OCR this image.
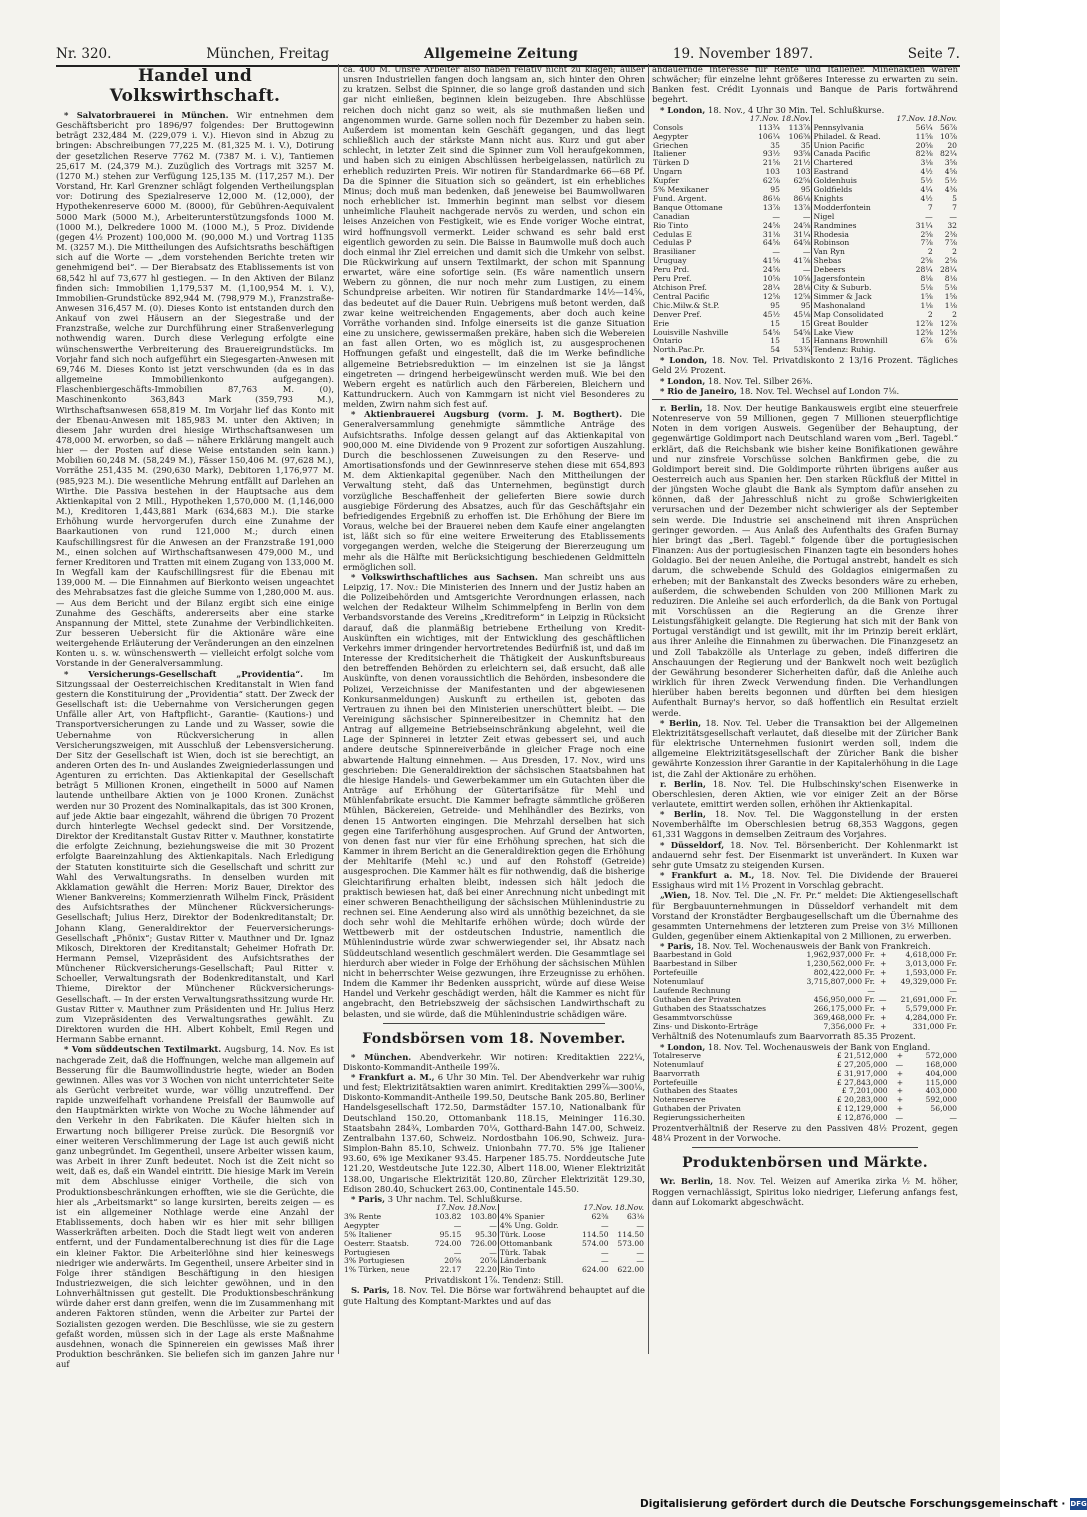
Nr. 320.	München, Freitag	Allgemeine Zeitung	19. November 1897.	Seite 7.
Handel und Volkswirthschaft.

* Salvatorbrauerei in München. Wir entnehmen dem Geschäftsbericht pro 1896/97 folgendes: Der Bruttogewinn beträgt 232,484 M. (229,079 i. V.). Hievon sind in Abzug zu bringen: Abschreibungen 77,225 M. (81,325 M. i. V.), Dotirung der gesetzlichen Reserve 7762 M. (7387 M. i. V.), Tantiemen 25,617 M. (24,379 M.). Zuzüglich des Vortrags mit 3257 M. (1270 M.) stehen zur Verfügung 125,135 M. (117,257 M.). Der Vorstand, Hr. Karl Grenzner schlägt folgenden Vertheilungsplan vor: Dotirung des Spezialreserve 12,000 M. (12,000), der Hypothekenreserve 6000 M. (8000), für Gebühren-Aequivalent 5000 Mark (5000 M.), Arbeiterunterstützungsfonds 1000 M. (1000 M.), Delkredere 1000 M. (1000 M.), 5 Proz. Dividende (gegen 4½ Prozent) 100,000 M. (90,000 M.) und Vortrag 1135 M. (3257 M.). Die Mittheilungen des Aufsichtsraths beschäftigen sich auf die Worte — „dem vorstehenden Berichte treten wir genehmigend bei“. — Der Bierabsatz des Etablissements ist von 68,542 hl auf 73,677 hl gestiegen. — In den Aktiven der Bilanz finden sich: Immobilien 1,179,537 M. (1,100,954 M. i. V.), Immobilien-Grundstücke 892,944 M. (798,979 M.), Franzstraße-Anwesen 316,457 M. (0). Dieses Konto ist entstanden durch den Ankauf von zwei Häusern an der Siegestraße und der Franzstraße, welche zur Durchführung einer Straßenverlegung nothwendig waren. Durch diese Verlegung erfolgte eine wünschenswerthe Verbreiterung des Brauereigrundstücks. Im Vorjahr fand sich noch aufgeführt ein Siegesgarten-Anwesen mit 69,746 M. Dieses Konto ist jetzt verschwunden (da es in das allgemeine Immobilienkonto aufgegangen). Flaschenbiergeschäfts-Immobilien 87,763 M. (0), Maschinenkonto 363,843 Mark (359,793 M.), Wirthschaftsanwesen 658,819 M. Im Vorjahr lief das Konto mit der Ebenau-Anwesen mit 185,983 M. unter den Aktiven; in diesem Jahr wurden drei hiesige Wirthschaftsanwesen um 478,000 M. erworben, so daß — nähere Erklärung mangelt auch hier — der Posten auf diese Weise entstanden sein kann.) Mobilien 60,248 M. (58,249 M.), Fässer 150,406 M. (97,628 M.), Vorräthe 251,435 M. (290,630 Mark), Debitoren 1,176,977 M. (985,923 M.). Die wesentliche Mehrung entfällt auf Darlehen an Wirthe. Die Passiva bestehen in der Hauptsache aus dem Aktienkapital von 2 Mill., Hypotheken 1,570,000 M. (1,146,000 M.), Kreditoren 1,443,881 Mark (634,683 M.). Die starke Erhöhung wurde hervorgerufen durch eine Zunahme der Baarkautionen von rund 121,000 M.; durch einen Kaufschillingsrest für die Anwesen an der Franzstraße 191,000 M., einen solchen auf Wirthschaftsanwesen 479,000 M., und ferner Kreditoren und Tratten mit einem Zugang von 133,000 M. In Wegfall kam der Kaufschillingsrest für die Ebenau mit 139,000 M. — Die Einnahmen auf Bierkonto weisen ungeachtet des Mehrabsatzes fast die gleiche Summe von 1,280,000 M. aus. — Aus dem Bericht und der Bilanz ergibt sich eine einige Zunahme des Geschäfts, andererseits aber eine starke Anspannung der Mittel, stete Zunahme der Verbindlichkeiten. Zur besseren Uebersicht für die Aktionäre wäre eine weitergehende Erläuterung der Veränderungen an den einzelnen Konten u. s. w. wünschenswerth — vielleicht erfolgt solche vom Vorstande in der Generalversammlung.

* Versicherungs-Gesellschaft „Providentia“. Im Sitzungssaal der Oesterreichischen Kreditanstalt in Wien fand gestern die Konstituirung der „Providentia“ statt. Der Zweck der Gesellschaft ist: die Uebernahme von Versicherungen gegen Unfälle aller Art, von Haftpflicht-, Garantie- (Kautions-) und Transportversicherungen zu Lande und zu Wasser, sowie die Uebernahme von Rückversicherung in allen Versicherungszweigen, mit Ausschluß der Lebensversicherung. Der Sitz der Gesellschaft ist Wien, doch ist sie berechtigt, an anderen Orten des In- und Auslandes Zweigniederlassungen und Agenturen zu errichten. Das Aktienkapital der Gesellschaft beträgt 5 Millionen Kronen, eingetheilt in 5000 auf Namen lautende untheilbare Aktien von je 1000 Kronen. Zunächst werden nur 30 Prozent des Nominalkapitals, das ist 300 Kronen, auf jede Aktie baar eingezahlt, während die übrigen 70 Prozent durch hinterlegte Wechsel gedeckt sind. Der Vorsitzende, Direktor der Kreditanstalt Gustav Ritter v. Mauthner, konstatirte die erfolgte Zeichnung, beziehungsweise die mit 30 Prozent erfolgte Baareinzahlung des Aktienkapitals. Nach Erledigung der Statuten konstituirte sich die Gesellschaft und schritt zur Wahl des Verwaltungsraths. In denselben wurden mit Akklamation gewählt die Herren: Moriz Bauer, Direktor des Wiener Bankvereins; Kommerzienrath Wilhelm Finck, Präsident des Aufsichtsrathes der Münchener Rückversicherungs-Gesellschaft; Julius Herz, Direktor der Bodenkreditanstalt; Dr. Johann Klang, Generaldirektor der Feuerversicherungs-Gesellschaft „Phönix“; Gustav Ritter v. Mauthner und Dr. Ignaz Mikosch, Direktoren der Kreditanstalt; Geheimer Hofrath Dr. Hermann Pemsel, Vizepräsident des Aufsichtsrathes der Münchener Rückversicherungs-Gesellschaft; Paul Ritter v. Schoeller, Verwaltungsrath der Bodenkreditanstalt, und Karl Thieme, Direktor der Münchener Rückversicherungs-Gesellschaft. — In der ersten Verwaltungsrathssitzung wurde Hr. Gustav Ritter v. Mauthner zum Präsidenten und Hr. Julius Herz zum Vizepräsidenten des Verwaltungsrathes gewählt. Zu Direktoren wurden die HH. Albert Kohbelt, Emil Regen und Hermann Sabbe ernannt.

* Vom süddeutschen Textilmarkt. Augsburg, 14. Nov. Es ist nachgerade Zeit, daß die Hoffnungen, welche man allgemein auf Besserung für die Baumwollindustrie hegte, wieder an Boden gewinnen. Alles was vor 3 Wochen von nicht unterrichteter Seite als Gerücht verbreitet wurde, war völlig unzutreffend. Der rapide unzweifelhaft vorhandene Preisfall der Baumwolle auf den Hauptmärkten wirkte von Woche zu Woche lähmender auf den Verkehr in den Fabrikaten. Die Käufer hielten sich in Erwartung noch billigerer Preise zurück. Die Besorgniß vor einer weiteren Verschlimmerung der Lage ist auch gewiß nicht ganz unbegründet. Im Gegentheil, unsere Arbeiter wissen kaum, was Arbeit in ihrer Zunft bedeutet. Noch ist die Zeit nicht so weit, daß es, daß ein Wandel eintritt. Die hiesige Mark im Verein mit dem Abschlusse einiger Vortheile, die sich von Produktionsbeschränkungen erhofften, wie sie die Gerüchte, die hier als „Arbeitsmarkt“ so lange kursirten, bereits zeigen — es ist ein allgemeiner Nothlage werde eine Anzahl der Etablissements, doch haben wir es hier mit sehr billigen Wasserkräften arbeiten. Doch die Stadt liegt weit von anderen entfernt, und der Fundamentalberechnung ist dies für die Lage ein kleiner Faktor. Die Arbeiterlöhne sind hier keineswegs niedriger wie anderwärts. Im Gegentheil, unsere Arbeiter sind in Folge ihrer ständigen Beschäftigung in den hiesigen Industriezweigen, die sich leichter gewöhnen, und in den Lohnverhältnissen gut gestellt. Die Produktionsbeschränkung würde daher erst dann greifen, wenn die im Zusammenhang mit anderen Faktoren stünden, wenn die Arbeiter zur Partei der Sozialisten gezogen werden. Die Beschlüsse, wie sie zu gestern gefaßt worden, müssen sich in der Lage als erste Maßnahme ausdehnen, wonach die Spinnereien ein gewisses Maß ihrer Produktion beschränken. Sie beliefen sich im ganzen Jahre nur auf

ca. 400 M. Unsre Arbeiter also haben relativ nicht zu klagen; außer unsren Industriellen fangen doch langsam an, sich hinter den Ohren zu kratzen. Selbst die Spinner, die so lange groß dastanden und sich gar nicht einließen, beginnen klein beizugeben. Ihre Abschlüsse reichen doch nicht ganz so weit, als sie muthmaßen ließen und angenommen wurde. Garne sollen noch für Dezember zu haben sein. Außerdem ist momentan kein Geschäft gegangen, und das liegt schließlich auch der stärkste Mann nicht aus. Kurz und gut aber schlecht, in letzter Zeit sind die Spinner zum Voll heraufgekommen, und haben sich zu einigen Abschlüssen herbeigelassen, natürlich zu erheblich reduzirten Preis. Wir notiren für Standardmarke 66—68 Pf. Da die Spinner die Situation sich so geändert, ist ein erhebliches Minus; doch muß man bedenken, daß jeneweise bei Baumwollwaren noch erheblicher ist. Immerhin beginnt man selbst vor diesem unheimliche Flauheit nachgerade nervös zu werden, und schon ein leises Anzeichen von Festigkeit, wie es Ende voriger Woche eintrat, wird hoffnungsvoll vermerkt. Leider schwand es sehr bald erst eigentlich geworden zu sein. Die Baisse in Baumwolle muß doch auch doch einmal ihr Ziel erreichen und damit sich die Umkehr von selbst. Die Rückwirkung auf unsern Textilmarkt, der schon mit Spannung erwartet, wäre eine sofortige sein. (Es wäre namentlich unsern Webern zu gönnen, die nur noch mehr zum Lustigen, zu einem Schundpreise arbeiten. Wir notiren für Standardmarke 14½—14⅝, das bedeutet auf die Dauer Ruin. Uebrigens muß betont werden, daß zwar keine weitreichenden Engagements, aber doch auch keine Vorräthe vorhanden sind. Infolge einerseits ist die ganze Situation eine zu unsichere, gewissermaßen prekäre, haben sich die Webereien an fast allen Orten, wo es möglich ist, zu ausgesprochenen Hoffnungen gefaßt und eingestellt, daß die im Werke befindliche allgemeine Betriebsreduktion — im einzelnen ist sie ja längst eingetreten — dringend herbeigewünscht werden muß. Wie bei den Webern ergeht es natürlich auch den Färbereien, Bleichern und Kattundruckern. Auch von Kammgarn ist nicht viel Besonderes zu melden, Zwirn nahm sich fest auf.

* Aktienbrauerei Augsburg (vorm. J. M. Bogthert). Die Generalversammlung genehmigte sämmtliche Anträge des Aufsichtsraths. Infolge dessen gelangt auf das Aktienkapital von 900,000 M. eine Dividende von 9 Prozent zur sofortigen Auszahlung. Durch die beschlossenen Zuweisungen zu den Reserve- und Amortisationsfonds und der Gewinnreserve stehen diese mit 654,893 M. dem Aktienkapital gegenüber. Nach den Mittheilungen der Verwaltung steht, daß das Unternehmen, begünstigt durch vorzügliche Beschaffenheit der gelieferten Biere sowie durch ausgiebige Förderung des Absatzes, auch für das Geschäftsjahr ein befriedigendes Ergebniß zu erhoffen ist. Die Erhöhung der Biere im Voraus, welche bei der Brauerei neben dem Kaufe einer angelangten ist, läßt sich so für eine weitere Erweiterung des Etablissements vorgegangen werden, welche die Steigerung der Biererzeugung um mehr als die Hälfte mit Berücksichtigung beschiedenen Geldmitteln ermöglichen soll.

* Volkswirthschaftliches aus Sachsen. Man schreibt uns aus Leipzig, 17. Nov.: Die Ministerien des Innern und der Justiz haben an die Polizeibehörden und Amtsgerichte Verordnungen erlassen, nach welchen der Redakteur Wilhelm Schimmelpfeng in Berlin von dem Verbandsvorstande des Vereins „Kreditreform“ in Leipzig in Rücksicht darauf, daß die planmäßig betriebene Ertheilung von Kredit-Auskünften ein wichtiges, mit der Entwicklung des geschäftlichen Verkehrs immer dringender hervortretendes Bedürfniß ist, und daß im Interesse der Kreditsicherheit die Thätigkeit der Auskunftsbureaus den betreffenden Behörden zu erleichtern sei, daß ersucht, daß alle Auskünfte, von denen voraussichtlich die Behörden, insbesondere die Polizei, Verzeichnisse der Manifestanten und der abgewiesenen Konkursanmeldungen) Auskunft zu ertheilen ist, geboten das Vertrauen zu ihnen bei den Ministerien unerschüttert bleibt. — Die Vereinigung sächsischer Spinnereibesitzer in Chemnitz hat den Antrag auf allgemeine Betriebseinschränkung abgelehnt, weil die Lage der Spinnerei in letzter Zeit etwas gebessert sei, und auch andere deutsche Spinnereiverbände in gleicher Frage noch eine abwartende Haltung einnehmen. — Aus Dresden, 17. Nov., wird uns geschrieben: Die Generaldirektion der sächsischen Staatsbahnen hat die hiesige Handels- und Gewerbekammer um ein Gutachten über die Anträge auf Erhöhung der Gütertarifsätze für Mehl und Mühlenfabrikate ersucht. Die Kammer befragte sämmtliche größeren Mühlen, Bäckereien, Getreide- und Mehlhändler des Bezirks, von denen 15 Antworten eingingen. Die Mehrzahl derselben hat sich gegen eine Tariferhöhung ausgesprochen. Auf Grund der Antworten, von denen fast nur vier für eine Erhöhung sprechen, hat sich die Kammer in ihrem Bericht an die Generaldirektion gegen die Erhöhung der Mehltarife (Mehl ꝛc.) und auf den Rohstoff (Getreide) ausgesprochen. Die Kammer hält es für nothwendig, daß die bisherige Gleichtarifirung erhalten bleibt, indessen sich hält jedoch die praktisch bewiesen hat, daß bei einer Anrechnung nicht unbedingt mit einer schweren Benachtheiligung der sächsischen Mühlenindustrie zu rechnen sei. Eine Aenderung also wird als unnöthig bezeichnet, da sie doch sehr wohl die Mehltarife erhöhen würde; doch würde der Wettbewerb mit der ostdeutschen Industrie, namentlich die Mühlenindustrie würde zwar schwerwiegender sei, ihr Absatz nach Süddeutschland wesentlich geschmälert werden. Die Gesammtlage sei hierdurch aber wieder in Folge der Erhöhung der sächsischen Mühlen nicht in beherrschter Weise gezwungen, ihre Erzeugnisse zu erhöhen. Indem die Kammer ihr Bedenken ausspricht, würde auf diese Weise Handel und Verkehr geschädigt werden, hält die Kammer es nicht für angebracht, den Betriebszweig der sächsischen Landwirthschaft zu belasten, und sie würde, daß die Mühlenindustrie schädigen wäre.

Fondsbörsen vom 18. November.

* München. Abendverkehr. Wir notiren: Kreditaktien 222¼, Diskonto-Kommandit-Antheile 199⅞.

* Frankfurt a. M., 6 Uhr 30 Min. Tel. Der Abendverkehr war ruhig und fest; Elektrizitätsaktien waren animirt. Kreditaktien 299⅞—300⅛, Diskonto-Kommandit-Antheile 199.50, Deutsche Bank 205.80, Berliner Handelsgesellschaft 172.50, Darmstädter 157.10, Nationalbank für Deutschland 150.20, Ottomanbank 118.15, Meininger 116.30. Staatsbahn 284¾, Lombarden 70¼, Gotthard-Bahn 147.00, Schweiz. Zentralbahn 137.60, Schweiz. Nordostbahn 106.90, Schweiz. Jura-Simplon-Bahn 85.10, Schweiz. Unionbahn 77.70. 5% jge Italiener 93.60, 6% ige Mexikaner 93.45. Harpener 185.75. Norddeutsche Jute 121.20, Westdeutsche Jute 122.30, Albert 118.00, Wiener Elektrizität 138.00, Ungarische Elektrizität 120.80, Zürcher Elektrizität 129.30, Edison 280.40, Schuckert 263.00, Continentale 145.50.

* Paris, 3 Uhr nachm. Tel. Schlußkurse.

17.Nov. 18.Nov.			17.Nov. 18.Nov.		
3% Rente	103.82	103.80	4% Spanier	62⅜	63⅛
Aegypter	—	—	4% Ung. Goldr.	—	—
5% Italiener	95.15	95.30	Türk. Loose	114.50	114.50
Oesterr. Staatsb.	724.00	726.00	Ottomanbank	574.00	573.00
Portugiesen	—	—	Türk. Tabak	—	—
3% Portugiesen	20⅝	20⅞	Länderbank	—	—
1% Türken, neue	22.17	22.20	Rio Tinto	624.00	622.00

Privatdiskont 1⅞. Tendenz: Still.

S. Paris, 18. Nov. Tel. Die Börse war fortwährend behauptet auf die gute Haltung des Komptant-Marktes und auf das

andauernde Interesse für Rente und Italiener. Minenaktien waren schwächer; für einzelne lehnt größeres Interesse zu erwarten zu sein. Banken fest. Crédit Lyonnais und Banque de Paris fortwährend begehrt.

* London, 18. Nov., 4 Uhr 30 Min. Tel. Schlußkurse.

17.Nov. 18.Nov.			17.Nov. 18.Nov.		
Consols	113¾	113⅞	Pennsylvania	56¼	56⅞
Aegypter	106¼	106⅜	Philadel. & Read.	11⅝	10⅞
Griechen	35	35	Union Pacific	20⅝	20
Italiener	93½	93⅝	Canada Pacific	82⅜	82¼
Türken D	21⅝	21½	Chartered	3⅛	3⅝
Ungarn	103	103	Eastrand	4½	4⅝
Kupfer	62⅞	62⅝	Goldenhuis	5½	5½
5% Mexikaner	95	95	Goldfields	4¼	4⅜
Fund. Argent.	86⅛	86⅛	Knights	4½	5
Banque Ottomane	13⅞	13⅞	Modderfontein	7	7
Canadian	—	—	Nigel	—	—
Rio Tinto	24⅝	24⅝	Randmines	31¼	32
Cedulas E	31⅛	31¼	Rhodesia	2⅝	2⅜
Cedulas P	64⅝	64⅝	Robinson	7⅞	7⅞
Brasilianer	—	—	Van Ryn	2	2
Uruguay	41⅝	41⅞	Shebas	2⅝	2⅝
Peru Prd.	24⅝	—	Debeers	28¼	28¼
Peru Pref.	10⅝	10⅝	Jagersfontein	8⅛	8⅛
Atchison Pref.	28¼	28⅛	City & Suburb.	5⅛	5⅛
Central Pacific	12⅝	12⅝	Simmer & Jack	1⅝	1⅝
Chic.Milw.& St.P.	95	95	Mashonaland	1⅛	1⅛
Denver Pref.	45½	45⅛	Map Consolidated	2	2
Erie	15	15	Great Boulder	12⅞	12⅞
Louisville Nashville	54⅝	54⅝	Lake View	12⅝	12⅝
Ontario	15	15	Hannans Brownhill	6⅞	6⅞
North.Pac.Pr.	54	53¾	Tendenz: Ruhig.		

* London, 18. Nov. Tel. Privatdiskonto 2 13/16 Prozent. Tägliches Geld 2½ Prozent.

* London, 18. Nov. Tel. Silber 26⅜.

* Rio de Janeiro, 18. Nov. Tel. Wechsel auf London 7⅛.

r. Berlin, 18. Nov. Der heutige Bankausweis ergibt eine steuerfreie Notenreserve von 59 Millionen, gegen 7 Millionen steuerpflichtige Noten in dem vorigen Ausweis. Gegenüber der Behauptung, der gegenwärtige Goldimport nach Deutschland waren vom „Berl. Tagebl.“ erklärt, daß die Reichsbank wie bisher keine Bonifikationen gewähre und nur zinsfreie Vorschüsse solchen Bankfirmen gebe, die zu Goldimport bereit sind. Die Goldimporte rührten übrigens außer aus Oesterreich auch aus Spanien her. Den starken Rückfluß der Mittel in der jüngsten Woche glaubt die Bank als Symptom dafür ansehen zu können, daß der Jahresschluß nicht zu große Schwierigkeiten verursachen und der Dezember nicht schwieriger als der September sein werde. Die Industrie sei anscheinend mit ihren Ansprüchen geringer geworden. — Aus Anlaß des Aufenthalts des Grafen Burnay hier bringt das „Berl. Tagebl.“ folgende über die portugiesischen Finanzen: Aus der portugiesischen Finanzen tagte ein besonders hohes Goldagio. Bei der neuen Anleihe, die Portugal anstrebt, handelt es sich darum, die schwebende Schuld des Goldagios einigermaßen zu erheben; mit der Bankanstalt des Zwecks besonders wäre zu erheben, außerdem, die schwebenden Schulden von 200 Millionen Mark zu reduziren. Die Anleihe sei auch erforderlich, da die Bank von Portugal mit Vorschüssen an die Regierung an die Grenze ihrer Leistungsfähigkeit gelangte. Die Regierung hat sich mit der Bank von Portugal verständigt und ist gewillt, mit ihr im Prinzip bereit erklärt, aus ihrer Anleihe die Einnahmen zu überwachen. Die Finanzgesetz an und Zoll Tabakzölle als Unterlage zu geben, indeß differiren die Anschauungen der Regierung und der Bankwelt noch weit bezüglich der Gewährung besonderer Sicherheiten dafür, daß die Anleihe auch wirklich für ihren Zweck Verwendung finden. Die Verhandlungen hierüber haben bereits begonnen und dürften bei dem hiesigen Aufenthalt Burnay's hervor, so daß hoffentlich ein Resultat erzielt werde.

* Berlin, 18. Nov. Tel. Ueber die Transaktion bei der Allgemeinen Elektrizitätsgesellschaft verlautet, daß dieselbe mit der Züricher Bank für elektrische Unternehmen fusionirt werden soll, indem die allgemeine Elektrizitätsgesellschaft der Züricher Bank die bisher gewährte Konzession ihrer Garantie in der Kapitalerhöhung in die Lage ist, die Zahl der Aktionäre zu erhöhen.

r. Berlin, 18. Nov. Tel. Die Hulbschinsky'schen Eisenwerke in Oberschlesien, deren Aktien, wie vor einiger Zeit an der Börse verlautete, emittirt werden sollen, erhöhen ihr Aktienkapital.

* Berlin, 18. Nov. Tel. Die Waggonstellung in der ersten Novemberhälfte im Oberschlesien betrug 68,353 Waggons, gegen 61,331 Waggons in demselben Zeitraum des Vorjahres.

* Düsseldorf, 18. Nov. Tel. Börsenbericht. Der Kohlenmarkt ist andauernd sehr fest. Der Eisenmarkt ist unverändert. In Kuxen war sehr gute Umsatz zu steigenden Kursen.

* Frankfurt a. M., 18. Nov. Tel. Die Dividende der Brauerei Essighaus wird mit 1½ Prozent in Vorschlag gebracht.

„Wien, 18. Nov. Tel. Die „N. Fr. Pr.“ meldet: Die Aktiengesellschaft für Bergbauunternehmungen in Düsseldorf verhandelt mit dem Vorstand der Kronstädter Bergbaugesellschaft um die Übernahme des gesammten Unternehmens der letzteren zum Preise von 3½ Millionen Gulden, gegenüber einem Aktienkapital von 2 Millionen, zu erwerben.

* Paris, 18. Nov. Tel. Wochenausweis der Bank von Frankreich.

Baarbestand in Gold	1,962,937,000 Fr.	+	4,618,000 Fr.
Baarbestand in Silber	1,230,562,000 Fr.	+	3,013,000 Fr.
Portefeuille	802,422,000 Fr.	+	1,593,000 Fr.
Notenumlauf	3,715,807,000 Fr.	+	49,329,000 Fr.
Laufende Rechnung	—		—
Guthaben der Privaten	456,950,000 Fr.	—	21,691,000 Fr.
Guthaben des Staatsschatzes	266,175,000 Fr.	+	5,579,000 Fr.
Gesammtvorschüsse	369,468,000 Fr.	+	4,284,000 Fr.
Zins- und Diskonto-Erträge	7,356,000 Fr.	+	331,000 Fr.

Verhältniß des Notenumlaufs zum Baarvorrath 85.35 Prozent.

* London, 18. Nov. Tel. Wochenausweis der Bank von England.

Totalreserve	£ 21,512,000	+	572,000
Notenumlauf	£ 27,205,000	—	168,000
Baarvorrath	£ 31,917,000	+	404,000
Portefeuille	£ 27,843,000	+	115,000
Guthaben des Staates	£ 7,201,000	+	403,000
Notenreserve	£ 20,283,000	+	592,000
Guthaben der Privaten	£ 12,129,000	+	56,000
Regierungssicherheiten	£ 12,876,000	—	—

Prozentverhältniß der Reserve zu den Passiven 48½ Prozent, gegen 48¼ Prozent in der Vorwoche.

Produktenbörsen und Märkte.

Wr. Berlin, 18. Nov. Tel. Weizen auf Amerika zirka ½ M. höher, Roggen vernachlässigt, Spiritus loko niedriger, Lieferung anfangs fest, dann auf Lokomarkt abgeschwächt.

Digitalisierung gefördert durch die Deutsche Forschungsgemeinschaft · DFG
